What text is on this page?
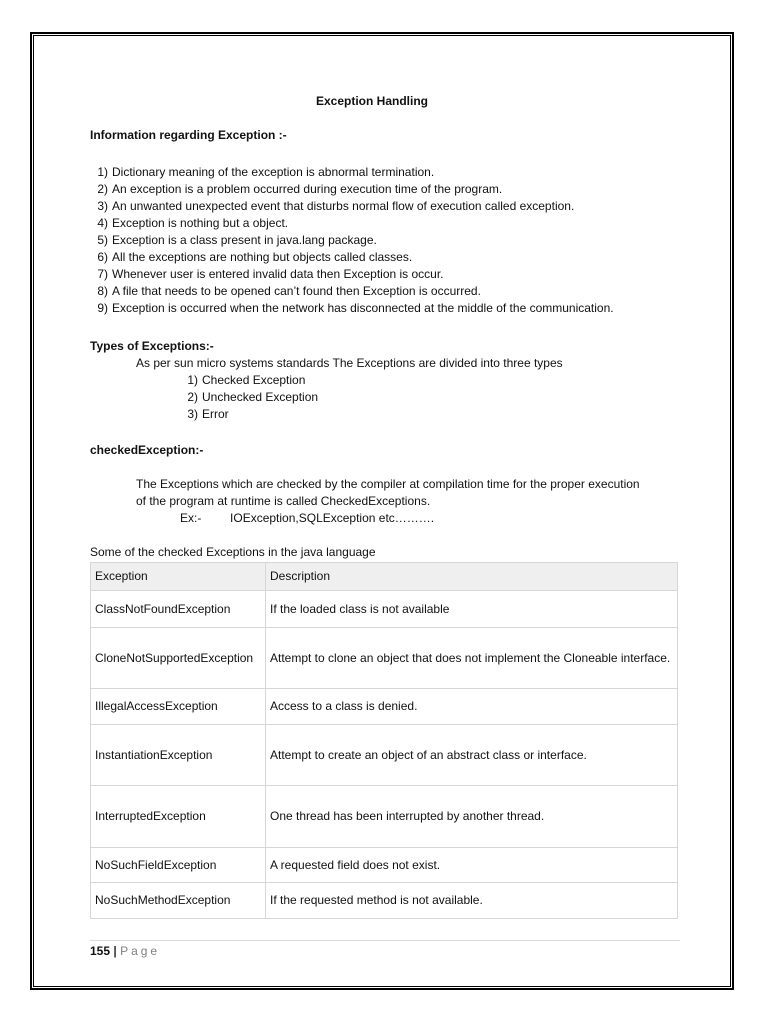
Exception Handling
Information regarding Exception :-
1) Dictionary meaning of the exception is abnormal termination.
2) An exception is a problem occurred during execution time of the program.
3) An unwanted unexpected event that disturbs normal flow of execution called exception.
4) Exception is nothing but a object.
5) Exception is a class present in java.lang package.
6) All the exceptions are nothing but objects called classes.
7) Whenever user is entered invalid data then Exception is occur.
8) A file that needs to be opened can’t found then Exception is occurred.
9) Exception is occurred when the network has disconnected at the middle of the communication.
Types of Exceptions:-
As per sun micro systems standards The Exceptions are divided into three types
1) Checked Exception
2) Unchecked Exception
3) Error
checkedException:-
The Exceptions which are checked by the compiler at compilation time for the proper execution
of the program at runtime is called CheckedExceptions.
Ex:- IOException,SQLException etc……….
Some of the checked Exceptions in the java language
Exception	Description
ClassNotFoundException	If the loaded class is not available
CloneNotSupportedException	Attempt to clone an object that does not implement the Cloneable interface.
IllegalAccessException	Access to a class is denied.
InstantiationException	Attempt to create an object of an abstract class or interface.
InterruptedException	One thread has been interrupted by another thread.
NoSuchFieldException	A requested field does not exist.
NoSuchMethodException	If the requested method is not available.
155 | Page
